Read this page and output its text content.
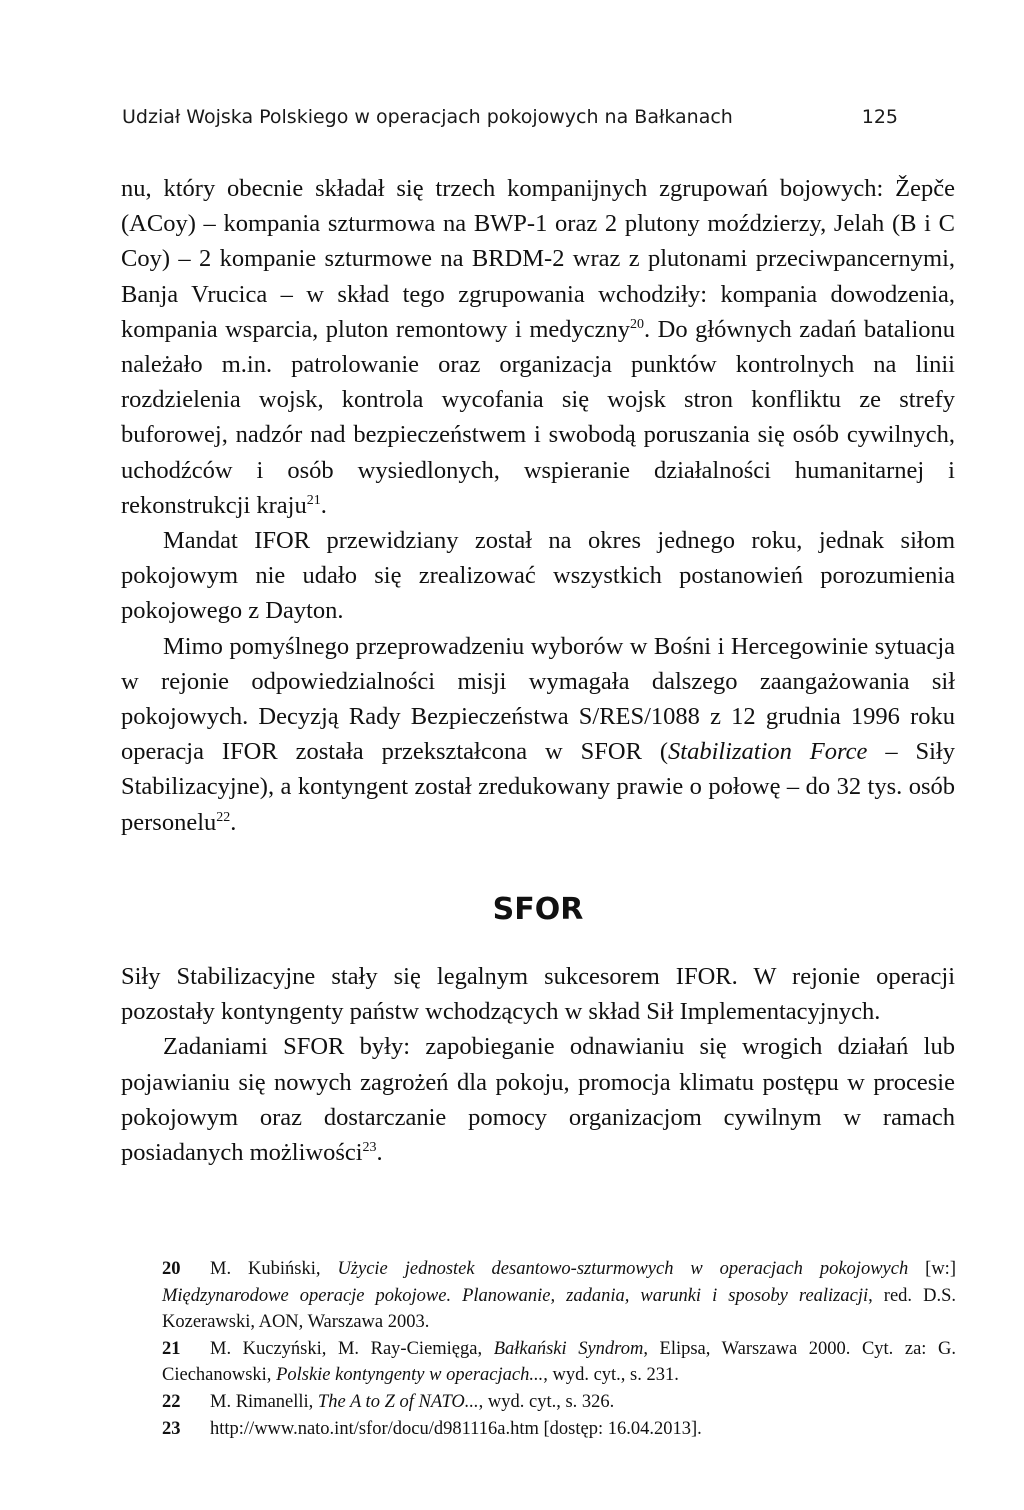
Udział Wojska Polskiego w operacjach pokojowych na Bałkanach	125

nu, który obecnie składał się trzech kompanijnych zgrupowań bojowych: Žepče (ACoy) – kompania szturmowa na BWP-1 oraz 2 plutony moździerzy, Jelah (B i C Coy) – 2 kompanie szturmowe na BRDM-2 wraz z plutonami przeciwpancernymi, Banja Vrucica – w skład tego zgrupowania wchodziły: kompania dowodzenia, kompania wsparcia, pluton remontowy i medyczny$^{20}$. Do głównych zadań batalionu należało m.in. patrolowanie oraz organizacja punktów kontrolnych na linii rozdzielenia wojsk, kontrola wycofania się wojsk stron konfliktu ze strefy buforowej, nadzór nad bezpieczeństwem i swobodą poruszania się osób cywilnych, uchodźców i osób wysiedlonych, wspieranie działalności humanitarnej i rekonstrukcji kraju$^{21}$.

Mandat IFOR przewidziany został na okres jednego roku, jednak siłom pokojowym nie udało się zrealizować wszystkich postanowień porozumienia pokojowego z Dayton.

Mimo pomyślnego przeprowadzeniu wyborów w Bośni i Hercegowinie sytuacja w rejonie odpowiedzialności misji wymagała dalszego zaangażowania sił pokojowych. Decyzją Rady Bezpieczeństwa S/RES/1088 z 12 grudnia 1996 roku operacja IFOR została przekształcona w SFOR (Stabilization Force – Siły Stabilizacyjne), a kontyngent został zredukowany prawie o połowę – do 32 tys. osób personelu$^{22}$.

SFOR

Siły Stabilizacyjne stały się legalnym sukcesorem IFOR. W rejonie operacji pozostały kontyngenty państw wchodzących w skład Sił Implementacyjnych.

Zadaniami SFOR były: zapobieganie odnawianiu się wrogich działań lub pojawianiu się nowych zagrożeń dla pokoju, promocja klimatu postępu w procesie pokojowym oraz dostarczanie pomocy organizacjom cywilnym w ramach posiadanych możliwości$^{23}$.

20 M. Kubiński, Użycie jednostek desantowo-szturmowych w operacjach pokojowych [w:] Międzynarodowe operacje pokojowe. Planowanie, zadania, warunki i sposoby realizacji, red. D.S. Kozerawski, AON, Warszawa 2003.

21 M. Kuczyński, M. Ray-Ciemięga, Bałkański Syndrom, Elipsa, Warszawa 2000. Cyt. za: G. Ciechanowski, Polskie kontyngenty w operacjach..., wyd. cyt., s. 231.

22 M. Rimanelli, The A to Z of NATO..., wyd. cyt., s. 326.

23 http://www.nato.int/sfor/docu/d981116a.htm [dostęp: 16.04.2013].
